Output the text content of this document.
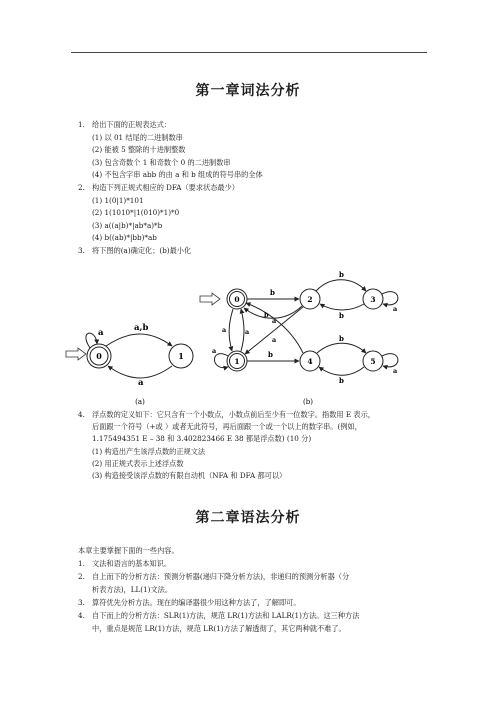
第一章词法分析
1. 给出下面的正规表达式：
(1) 以 01 结尾的二进制数串
(2) 能被 5 整除的十进制整数
(3) 包含奇数个 1 和奇数个 0 的二进制数串
(4) 不包含字串 abb 的由 a 和 b 组成的符号串的全体
2. 构造下列正规式相应的 DFA（要求状态最少）
(1) 1(0|1)*101
(2) 1(1010*|1(010)*1)*0
(3) a((a|b)*|ab*a)*b
(4) b((ab)*|bb)*ab
3. 将下图的(a)确定化；(b)最小化
0	1
a	a,b
a
0	2	3
1	4	5
b
b
b
a
a
a
a	a
a	b
b
b
b
a
(a)	(b)
4. 浮点数的定义如下：它只含有一个小数点，小数点前后至少有一位数字。指数用 E 表示，
后面跟一个符号（+或 ）或者无此符号，再后面跟一个或一个以上的数字串。(例如，
1.175494351 E – 38 和 3.402823466 E 38 都是浮点数) (10 分)
(1) 构造出产生该浮点数的正规文法
(2) 用正规式表示上述浮点数
(3) 构造接受该浮点数的有限自动机（NFA 和 DFA 都可以）
第二章语法分析
本章主要掌握下面的一些内容。
1. 文法和语言的基本知识。
2. 自上而下的分析方法：预测分析器(递归下降分析方法)，非递归的预测分析器（分
析表方法)，LL(1)文法。
3. 算符优先分析方法。现在的编译器很少用这种方法了，了解即可。
4. 自下而上的分析方法：SLR(1)方法，规范 LR(1)方法和 LALR(1)方法。这三种方法
中，重点是规范 LR(1)方法，规范 LR(1)方法了解透彻了，其它两种就不难了。
